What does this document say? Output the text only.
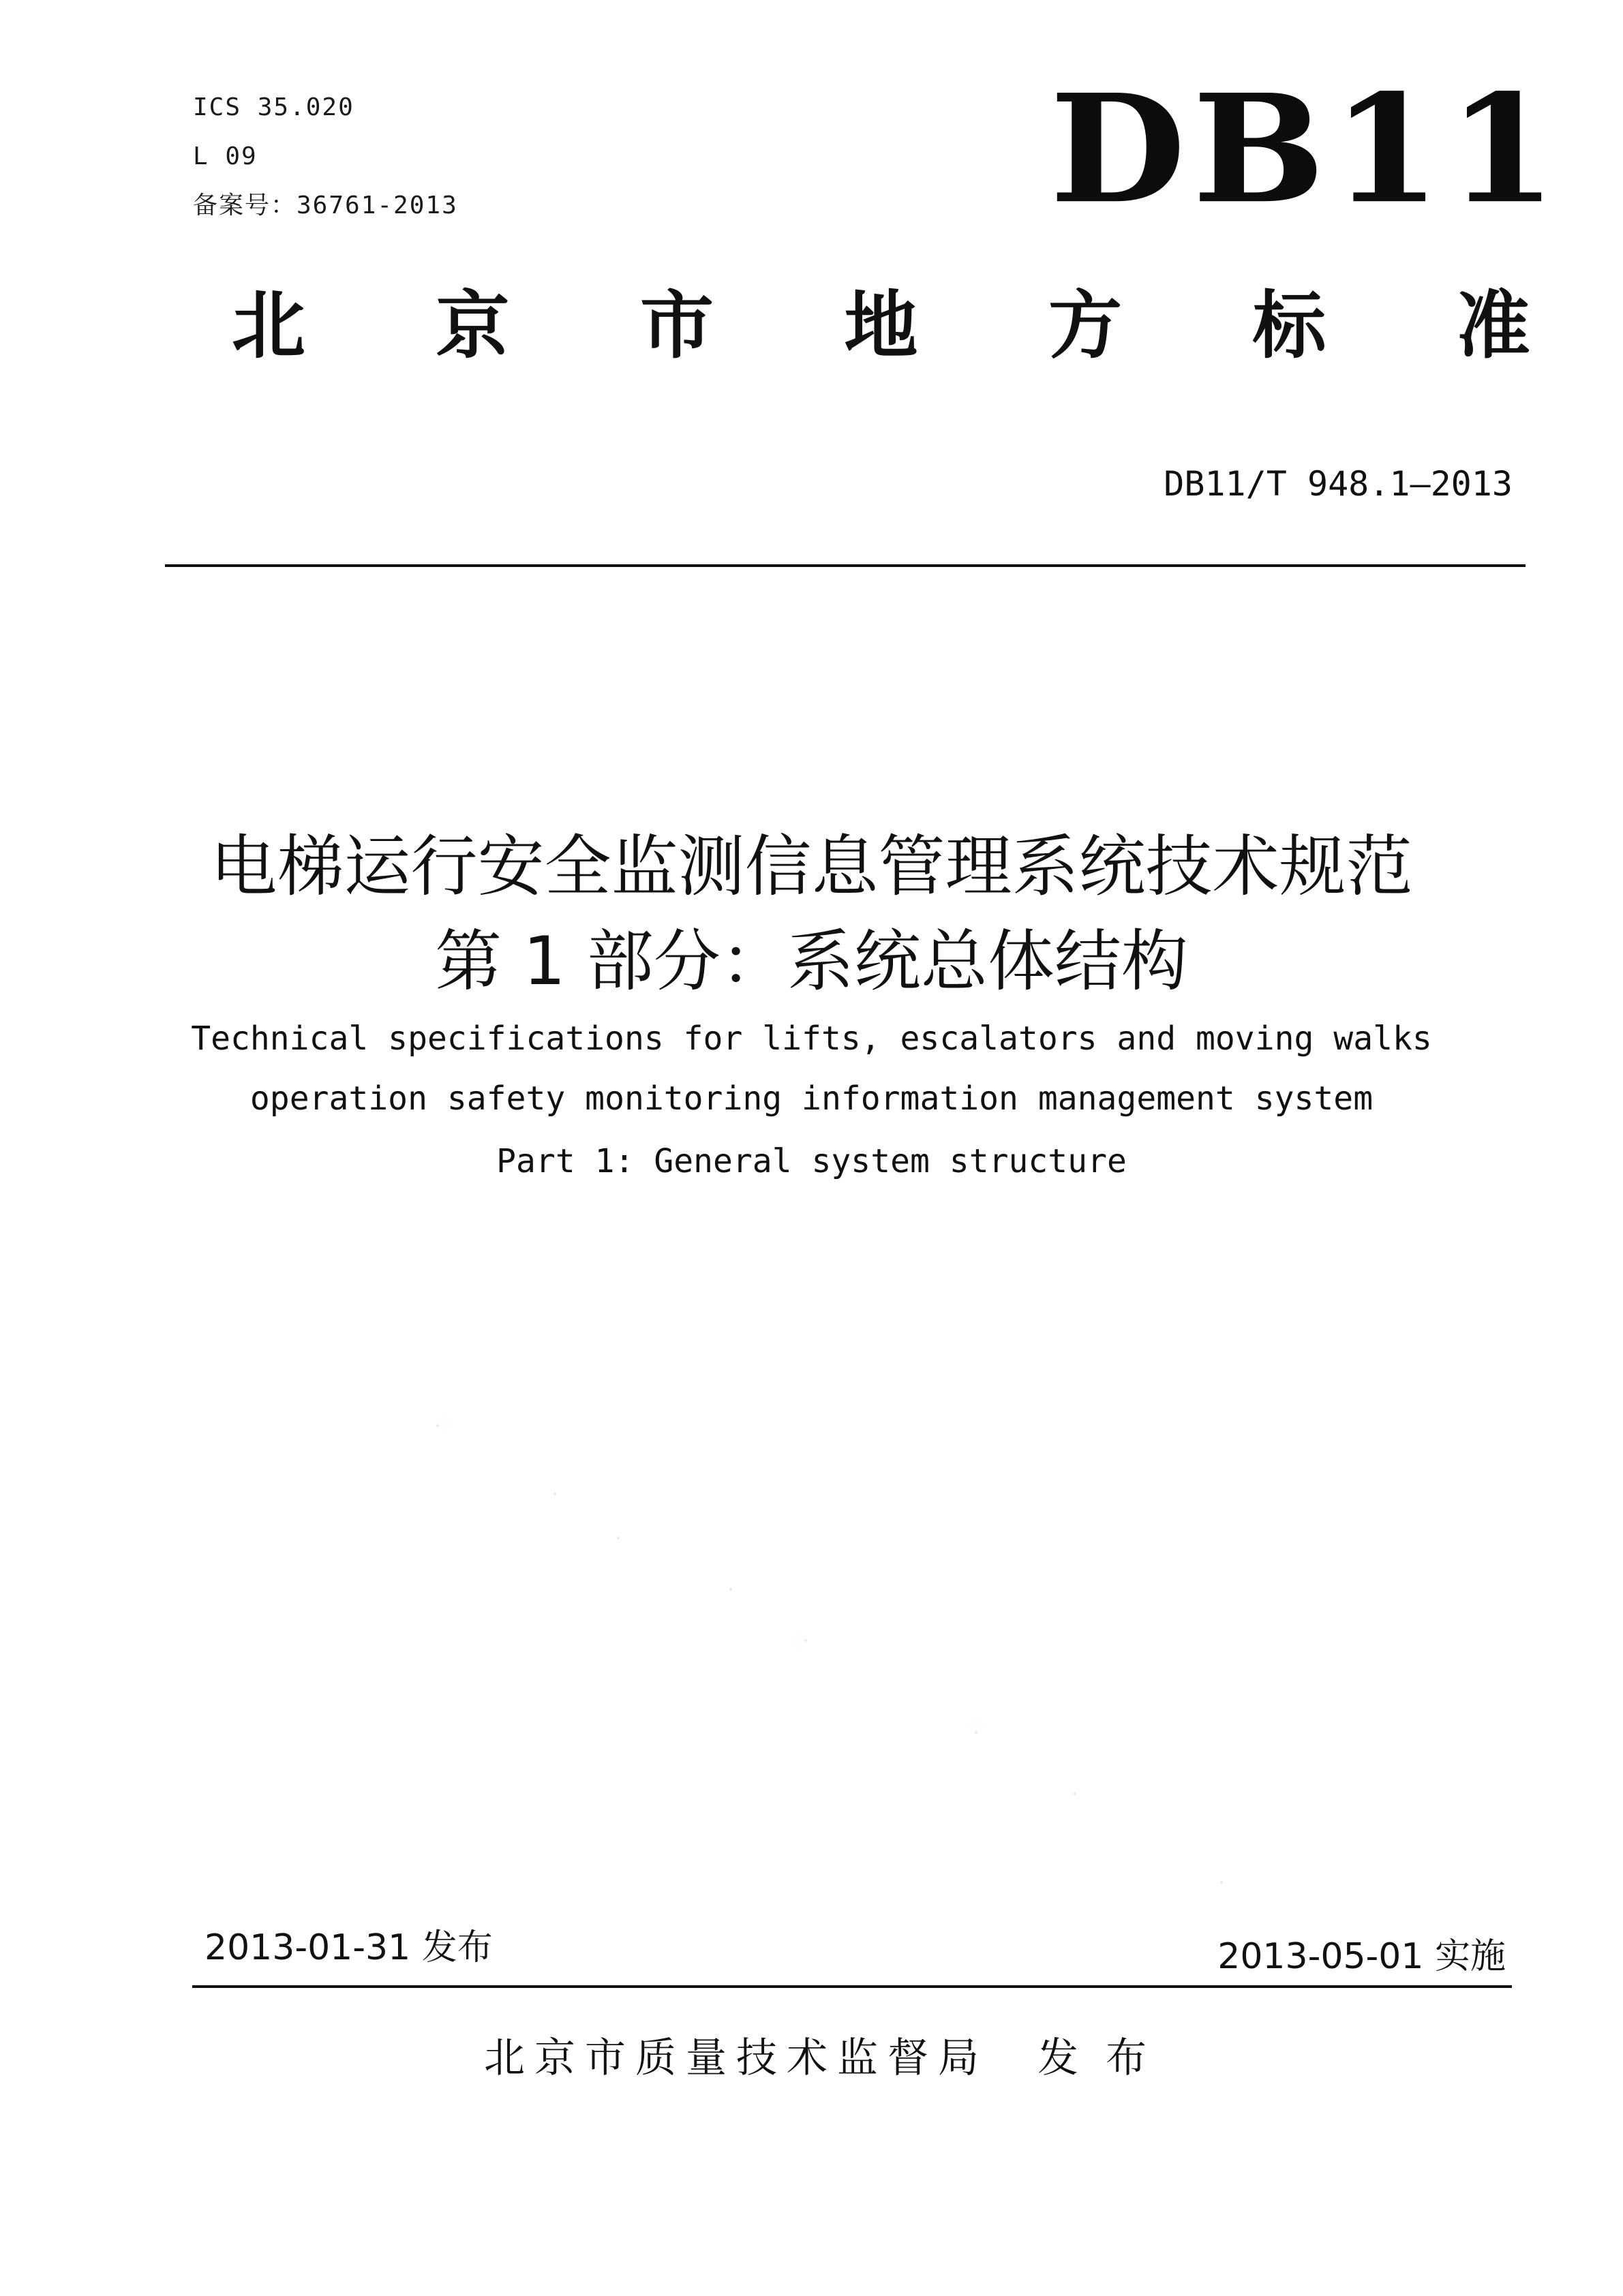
ICS 35.020
L 09
备案号：36761-2013	DB11
北 京 市 地 方 标 准
DB11/T 948.1—2013
电梯运行安全监测信息管理系统技术规范
第 1 部分：系统总体结构
Technical specifications for lifts, escalators and moving walks
operation safety monitoring information management system
Part 1: General system structure
2013-01-31 发布	2013-05-01 实施
北京市质量技术监督局 发布
